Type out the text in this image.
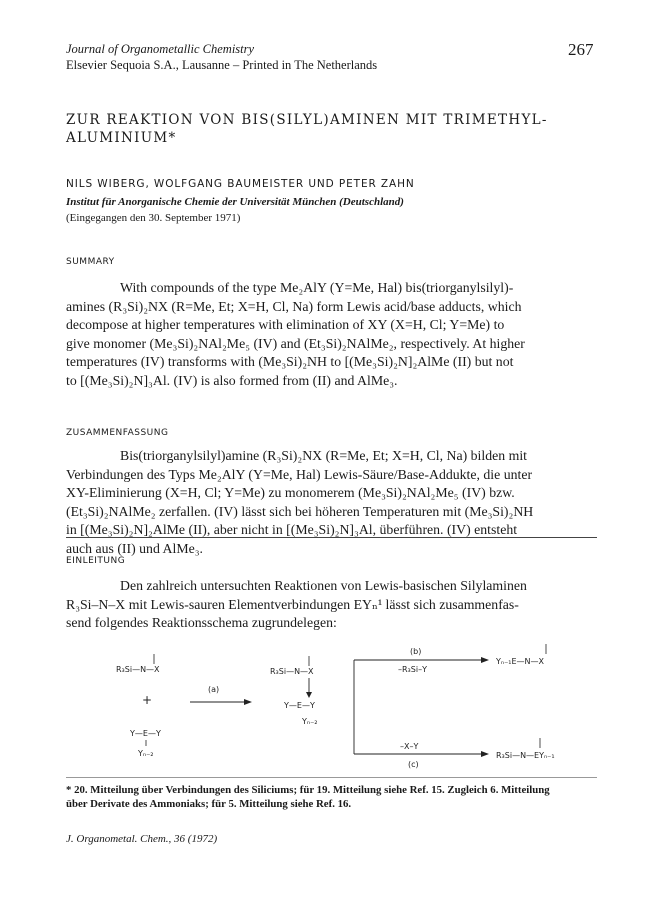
Journal of Organometallic Chemistry
Elsevier Sequoia S.A., Lausanne – Printed in The Netherlands
267
ZUR REAKTION VON BIS(SILYL)AMINEN MIT TRIMETHYL-
ALUMINIUM*
NILS WIBERG, WOLFGANG BAUMEISTER UND PETER ZAHN
Institut für Anorganische Chemie der Universität München (Deutschland)
(Eingegangen den 30. September 1971)
SUMMARY
With compounds of the type Me₂AlY (Y=Me, Hal) bis(triorganylsilyl)-
amines (R₃Si)₂NX (R=Me, Et; X=H, Cl, Na) form Lewis acid/base adducts, which
decompose at higher temperatures with elimination of XY (X=H, Cl; Y=Me) to
give monomer (Me₃Si)₂NAl₂Me₅ (IV) and (Et₃Si)₂NAlMe₂, respectively. At higher
temperatures (IV) transforms with (Me₃Si)₂NH to [(Me₃Si)₂N]₂AlMe (II) but not
to [(Me₃Si)₂N]₃Al. (IV) is also formed from (II) and AlMe₃.
ZUSAMMENFASSUNG
Bis(triorganylsilyl)amine (R₃Si)₂NX (R=Me, Et; X=H, Cl, Na) bilden mit
Verbindungen des Typs Me₂AlY (Y=Me, Hal) Lewis-Säure/Base-Addukte, die unter
XY-Eliminierung (X=H, Cl; Y=Me) zu monomerem (Me₃Si)₂NAl₂Me₅ (IV) bzw.
(Et₃Si)₂NAlMe₂ zerfallen. (IV) lässt sich bei höheren Temperaturen mit (Me₃Si)₂NH
in [(Me₃Si)₂N]₂AlMe (II), aber nicht in [(Me₃Si)₂N]₃Al, überführen. (IV) entsteht
auch aus (II) und AlMe₃.
EINLEITUNG
Den zahlreich untersuchten Reaktionen von Lewis-basischen Silylaminen
R₃Si–N–X mit Lewis-sauren Elementverbindungen EYₙ¹ lässt sich zusammenfas-
send folgendes Reaktionsschema zugrundelegen:
R₃Si—N—X
+
Y—E—Y
Yₙ₋₂
(a)
R₃Si—N—X
Y—E—Y
Yₙ₋₂
(b)
–R₃Si–Y
Yₙ₋₁E—N—X
–X–Y
(c)
R₃Si—N—EYₙ₋₁
* 20. Mitteilung über Verbindungen des Siliciums; für 19. Mitteilung siehe Ref. 15. Zugleich 6. Mitteilung
über Derivate des Ammoniaks; für 5. Mitteilung siehe Ref. 16.
J. Organometal. Chem., 36 (1972)
